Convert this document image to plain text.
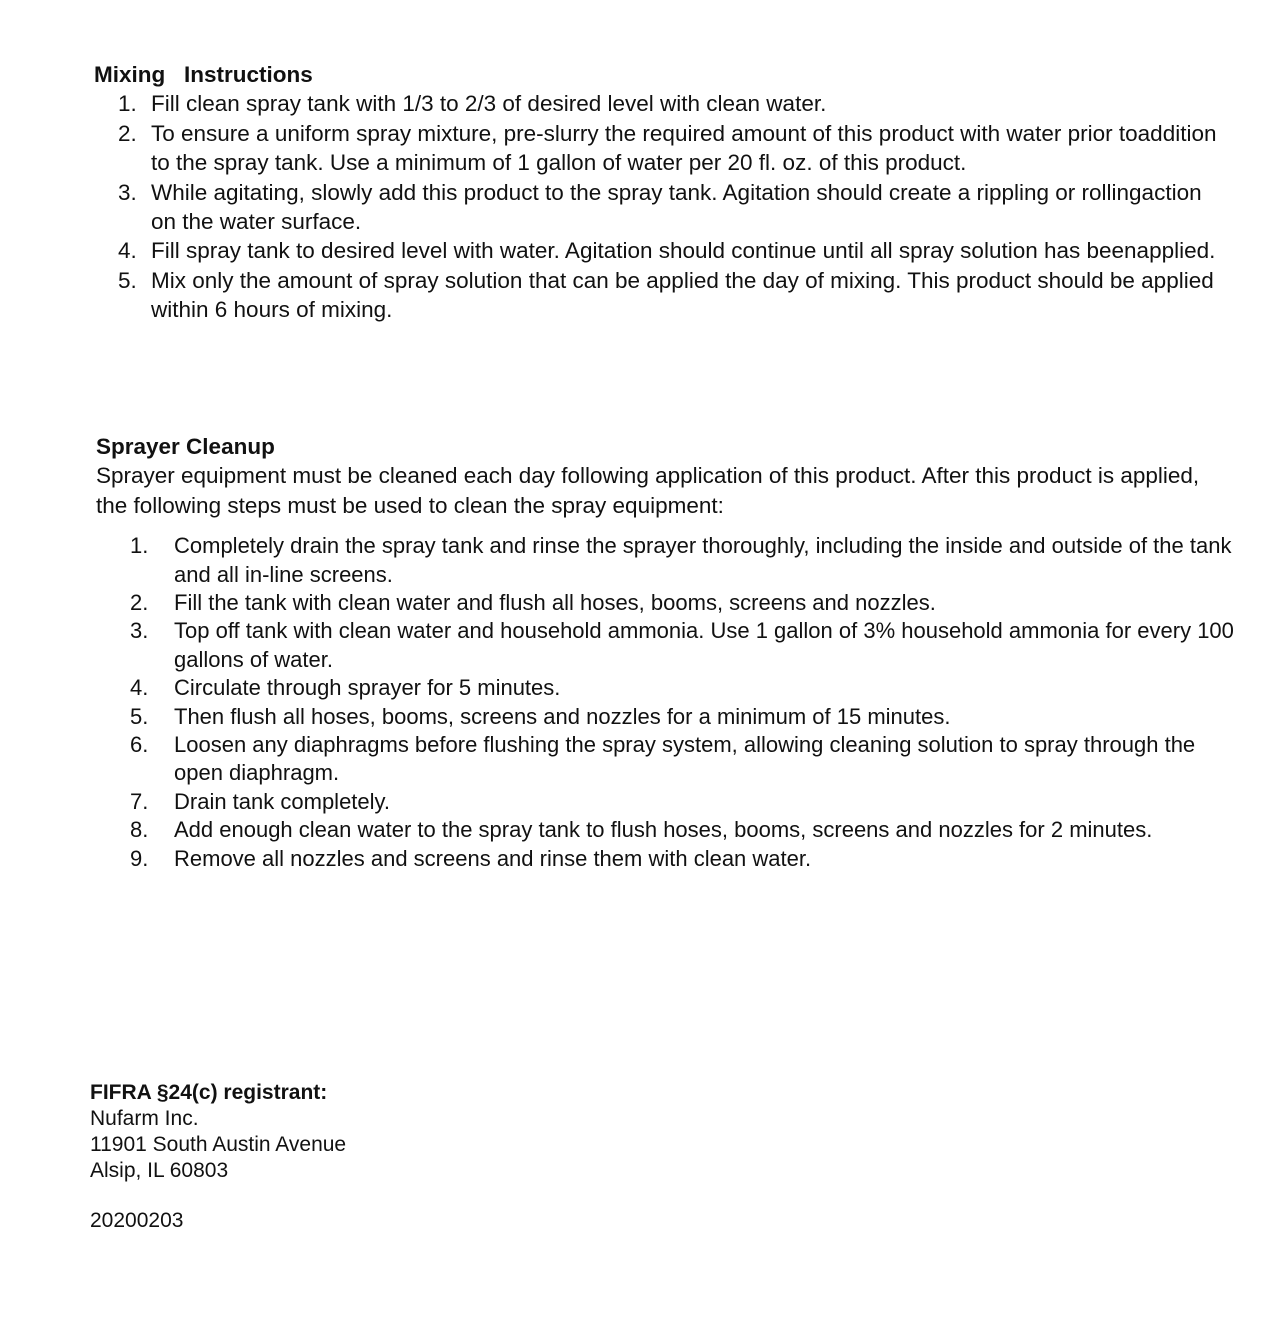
Mixing   Instructions
1. Fill clean spray tank with 1/3 to 2/3 of desired level with clean water.
2. To ensure a uniform spray mixture, pre-slurry the required amount of this product with water prior toaddition to the spray tank. Use a minimum of 1 gallon of water per 20 fl. oz. of this product.
3. While agitating, slowly add this product to the spray tank. Agitation should create a rippling or rollingaction on the water surface.
4. Fill spray tank to desired level with water. Agitation should continue until all spray solution has beenapplied.
5. Mix only the amount of spray solution that can be applied the day of mixing. This product should be applied within 6 hours of mixing.
Sprayer Cleanup

Sprayer equipment must be cleaned each day following application of this product. After this product is applied, the following steps must be used to clean the spray equipment:

1. Completely drain the spray tank and rinse the sprayer thoroughly, including the inside and outside of the tank and all in-line screens.
2. Fill the tank with clean water and flush all hoses, booms, screens and nozzles.
3. Top off tank with clean water and household ammonia. Use 1 gallon of 3% household ammonia for every 100 gallons of water.
4. Circulate through sprayer for 5 minutes.
5. Then flush all hoses, booms, screens and nozzles for a minimum of 15 minutes.
6. Loosen any diaphragms before flushing the spray system, allowing cleaning solution to spray through the open diaphragm.
7. Drain tank completely.
8. Add enough clean water to the spray tank to flush hoses, booms, screens and nozzles for 2 minutes.
9. Remove all nozzles and screens and rinse them with clean water.
FIFRA §24(c) registrant:
Nufarm Inc.
11901 South Austin Avenue
Alsip, IL 60803
20200203
